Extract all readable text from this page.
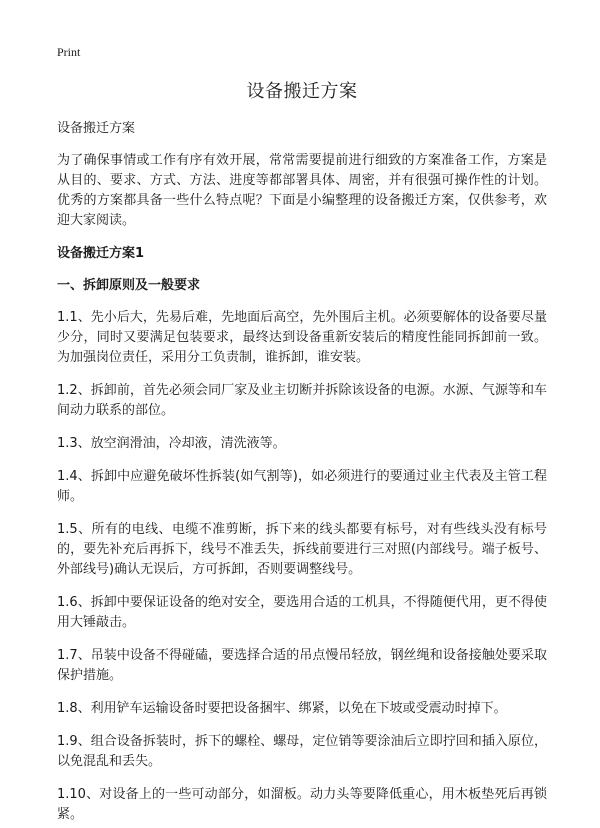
Print
设备搬迁方案
设备搬迁方案

为了确保事情或工作有序有效开展，常常需要提前进行细致的方案准备工作，方案是从目的、要求、方式、方法、进度等都部署具体、周密，并有很强可操作性的计划。优秀的方案都具备一些什么特点呢？下面是小编整理的设备搬迁方案，仅供参考，欢迎大家阅读。

设备搬迁方案1
一、拆卸原则及一般要求

1.1、先小后大，先易后难，先地面后高空，先外围后主机。必须要解体的设备要尽量少分，同时又要满足包装要求，最终达到设备重新安装后的精度性能同拆卸前一致。为加强岗位责任，采用分工负责制，谁拆卸，谁安装。

1.2、拆卸前，首先必须会同厂家及业主切断并拆除该设备的电源。水源、气源等和车间动力联系的部位。

1.3、放空润滑油，冷却液，清洗液等。

1.4、拆卸中应避免破坏性拆装(如气割等)，如必须进行的要通过业主代表及主管工程师。

1.5、所有的电线、电缆不准剪断，拆下来的线头都要有标号，对有些线头没有标号的，要先补充后再拆下，线号不准丢失，拆线前要进行三对照(内部线号。端子板号、外部线号)确认无误后，方可拆卸，否则要调整线号。

1.6、拆卸中要保证设备的绝对安全，要选用合适的工机具，不得随便代用，更不得使用大锤敲击。

1.7、吊装中设备不得碰磕，要选择合适的吊点慢吊轻放，钢丝绳和设备接触处要采取保护措施。

1.8、利用铲车运输设备时要把设备捆牢、绑紧，以免在下坡或受震动时掉下。

1.9、组合设备拆装时，拆下的螺栓、螺母，定位销等要涂油后立即拧回和插入原位，以免混乱和丢失。

1.10、对设备上的一些可动部分，如溜板。动力头等要降低重心，用木板垫死后再锁紧。
